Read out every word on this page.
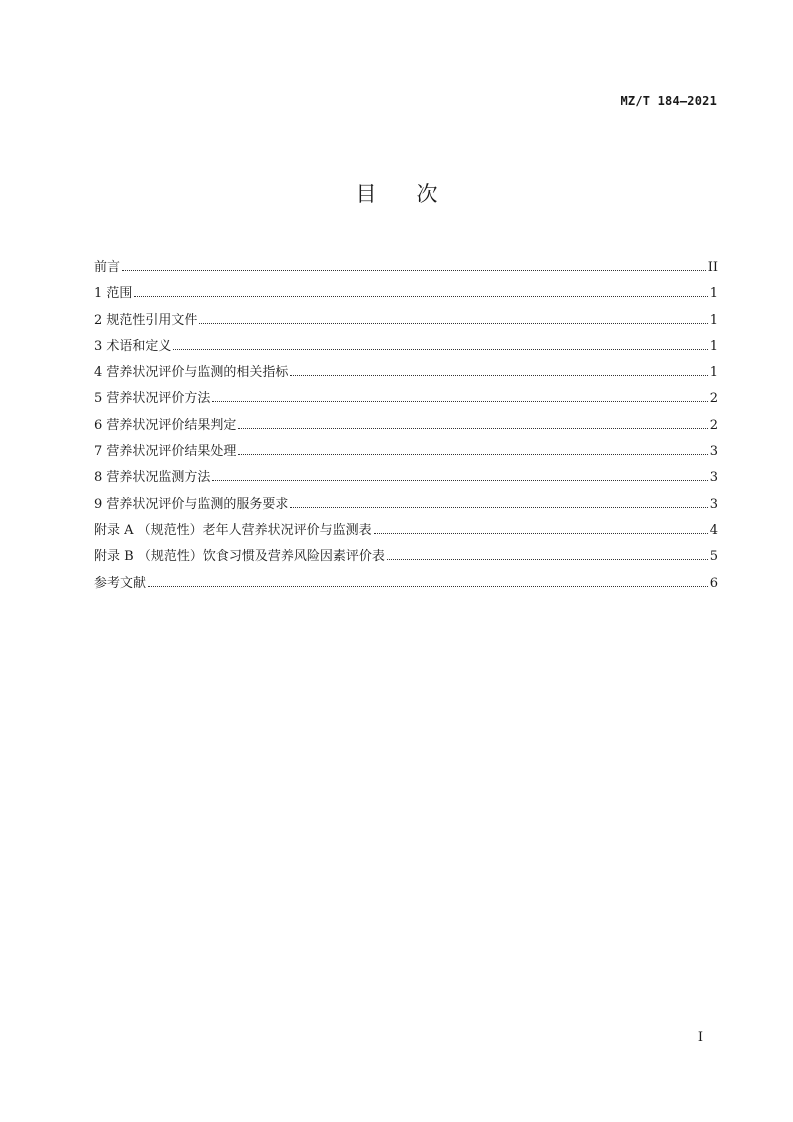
MZ/T 184—2021
目次
前言	II
1 范围	1
2 规范性引用文件	1
3 术语和定义	1
4 营养状况评价与监测的相关指标	1
5 营养状况评价方法	2
6 营养状况评价结果判定	2
7 营养状况评价结果处理	3
8 营养状况监测方法	3
9 营养状况评价与监测的服务要求	3
附录 A （规范性）老年人营养状况评价与监测表	4
附录 B （规范性）饮食习惯及营养风险因素评价表	5
参考文献	6
I
